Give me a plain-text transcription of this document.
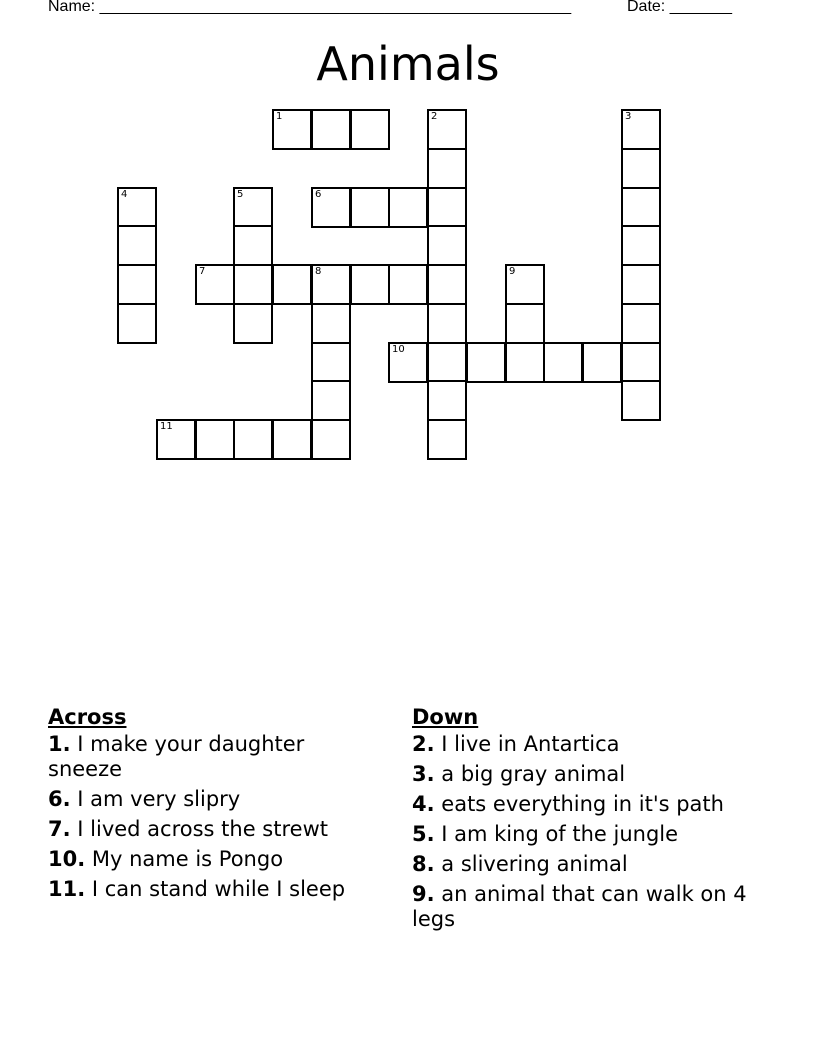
Name: _____________________________________________________	Date: _______
Animals
1	2	3
4	5	6
7	8	9
10
11
Across
1. I make your daughter sneeze
6. I am very slipry
7. I lived across the strewt
10. My name is Pongo
11. I can stand while I sleep
Down
2. I live in Antartica
3. a big gray animal
4. eats everything in it's path
5. I am king of the jungle
8. a slivering animal
9. an animal that can walk on 4 legs
